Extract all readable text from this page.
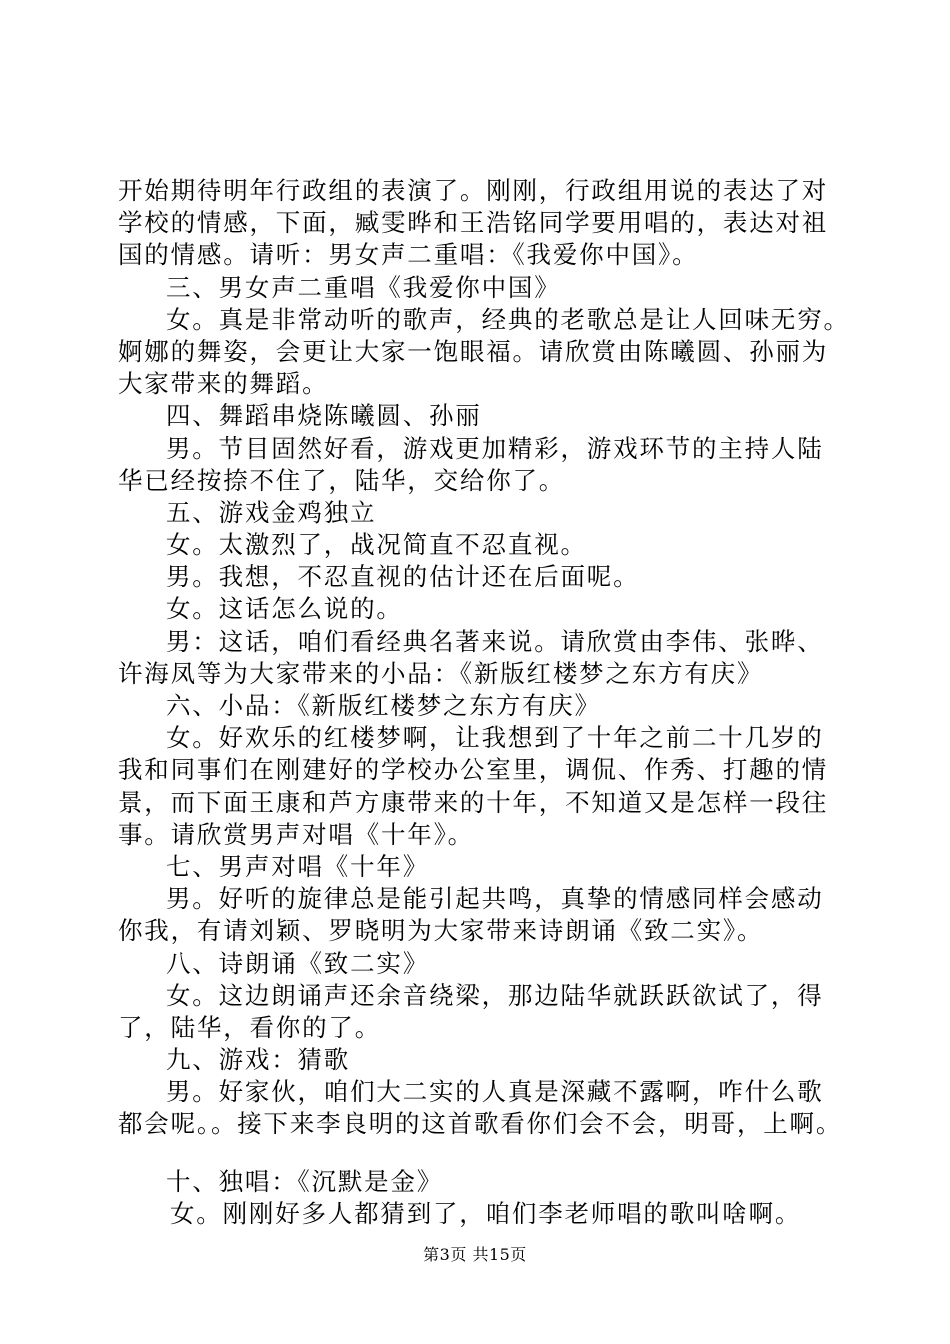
开始期待明年行政组的表演了。刚刚，行政组用说的表达了对
学校的情感，下面，臧雯晔和王浩铭同学要用唱的，表达对祖
国的情感。请听：男女声二重唱：《我爱你中国》。
三、男女声二重唱《我爱你中国》
女。真是非常动听的歌声，经典的老歌总是让人回味无穷。
婀娜的舞姿，会更让大家一饱眼福。请欣赏由陈曦圆、孙丽为
大家带来的舞蹈。
四、舞蹈串烧陈曦圆、孙丽
男。节目固然好看，游戏更加精彩，游戏环节的主持人陆
华已经按捺不住了，陆华，交给你了。
五、游戏金鸡独立
女。太激烈了，战况简直不忍直视。
男。我想，不忍直视的估计还在后面呢。
女。这话怎么说的。
男：这话，咱们看经典名著来说。请欣赏由李伟、张晔、
许海凤等为大家带来的小品：《新版红楼梦之东方有庆》
六、小品：《新版红楼梦之东方有庆》
女。好欢乐的红楼梦啊，让我想到了十年之前二十几岁的
我和同事们在刚建好的学校办公室里，调侃、作秀、打趣的情
景，而下面王康和芦方康带来的十年，不知道又是怎样一段往
事。请欣赏男声对唱《十年》。
七、男声对唱《十年》
男。好听的旋律总是能引起共鸣，真挚的情感同样会感动
你我，有请刘颖、罗晓明为大家带来诗朗诵《致二实》。
八、诗朗诵《致二实》
女。这边朗诵声还余音绕梁，那边陆华就跃跃欲试了，得
了，陆华，看你的了。
九、游戏：猜歌
男。好家伙，咱们大二实的人真是深藏不露啊，咋什么歌
都会呢。。接下来李良明的这首歌看你们会不会，明哥，上啊。
十、独唱：《沉默是金》
女。刚刚好多人都猜到了，咱们李老师唱的歌叫啥啊。
第3页 共15页
